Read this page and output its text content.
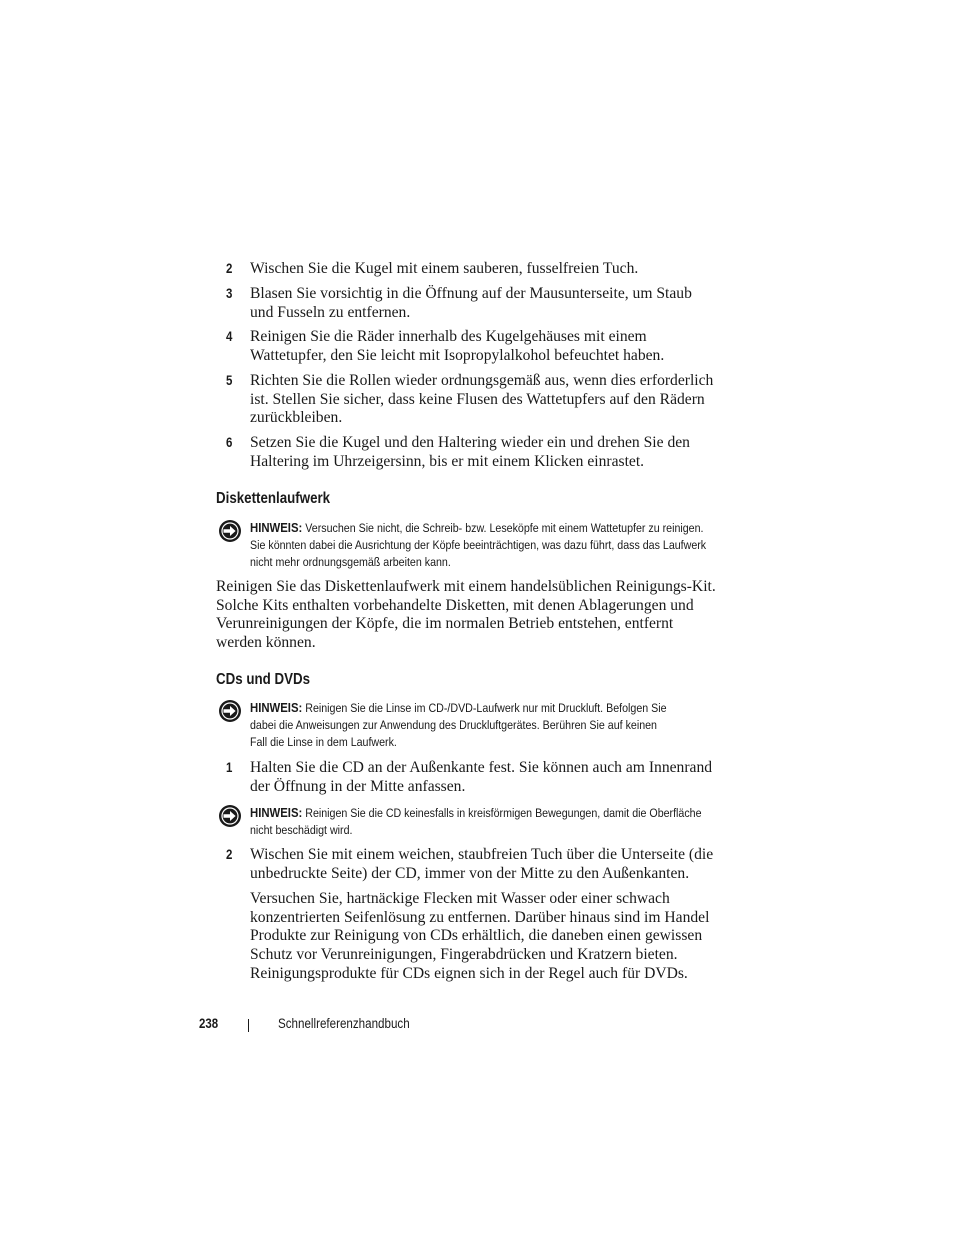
2	Wischen Sie die Kugel mit einem sauberen, fusselfreien Tuch.
3	Blasen Sie vorsichtig in die Öffnung auf der Mausunterseite, um Staub und Fusseln zu entfernen.
4	Reinigen Sie die Räder innerhalb des Kugelgehäuses mit einem Wattetupfer, den Sie leicht mit Isopropylalkohol befeuchtet haben.
5	Richten Sie die Rollen wieder ordnungsgemäß aus, wenn dies erforderlich ist. Stellen Sie sicher, dass keine Flusen des Wattetupfers auf den Rädern zurückbleiben.
6	Setzen Sie die Kugel und den Haltering wieder ein und drehen Sie den Haltering im Uhrzeigersinn, bis er mit einem Klicken einrastet.
Diskettenlaufwerk
HINWEIS: Versuchen Sie nicht, die Schreib- bzw. Leseköpfe mit einem Wattetupfer zu reinigen. Sie könnten dabei die Ausrichtung der Köpfe beeinträchtigen, was dazu führt, dass das Laufwerk nicht mehr ordnungsgemäß arbeiten kann.
Reinigen Sie das Diskettenlaufwerk mit einem handelsüblichen Reinigungs-Kit. Solche Kits enthalten vorbehandelte Disketten, mit denen Ablagerungen und Verunreinigungen der Köpfe, die im normalen Betrieb entstehen, entfernt werden können.
CDs und DVDs
HINWEIS: Reinigen Sie die Linse im CD-/DVD-Laufwerk nur mit Druckluft. Befolgen Sie dabei die Anweisungen zur Anwendung des Druckluftgerätes. Berühren Sie auf keinen Fall die Linse in dem Laufwerk.
1	Halten Sie die CD an der Außenkante fest. Sie können auch am Innenrand der Öffnung in der Mitte anfassen.
HINWEIS: Reinigen Sie die CD keinesfalls in kreisförmigen Bewegungen, damit die Oberfläche nicht beschädigt wird.
2	Wischen Sie mit einem weichen, staubfreien Tuch über die Unterseite (die unbedruckte Seite) der CD, immer von der Mitte zu den Außenkanten.
Versuchen Sie, hartnäckige Flecken mit Wasser oder einer schwach konzentrierten Seifenlösung zu entfernen. Darüber hinaus sind im Handel Produkte zur Reinigung von CDs erhältlich, die daneben einen gewissen Schutz vor Verunreinigungen, Fingerabdrücken und Kratzern bieten. Reinigungsprodukte für CDs eignen sich in der Regel auch für DVDs.
238	Schnellreferenzhandbuch
